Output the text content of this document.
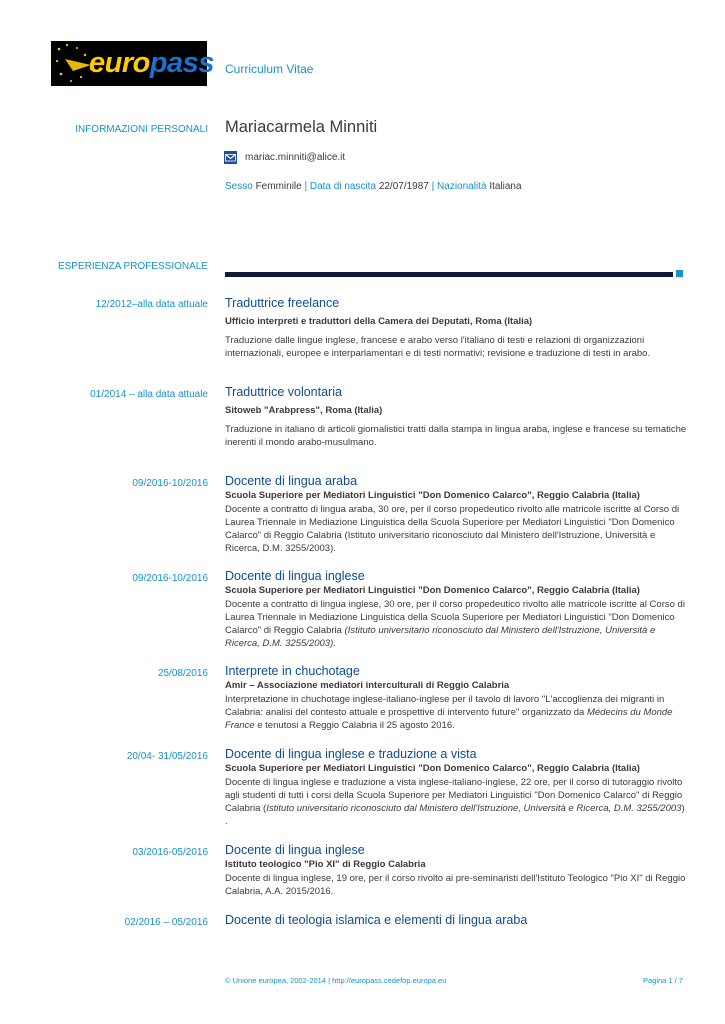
europass Curriculum Vitae
INFORMAZIONI PERSONALI Mariacarmela Minniti
mariac.minniti@alice.it
Sesso Femminile | Data di nascita 22/07/1987 | Nazionalità Italiana
ESPERIENZA PROFESSIONALE
12/2012–alla data attuale Traduttrice freelance
Ufficio interpreti e traduttori della Camera dei Deputati, Roma (Italia)
Traduzione dalle lingue inglese, francese e arabo verso l'italiano di testi e relazioni di organizzazioni internazionali, europee e interparlamentari e di testi normativi; revisione e traduzione di testi in arabo.
01/2014 – alla data attuale Traduttrice volontaria
Sitoweb "Arabpress", Roma (Italia)
Traduzione in italiano di articoli giornalistici tratti dalla stampa in lingua araba, inglese e francese su tematiche inerenti il mondo arabo-musulmano.
09/2016-10/2016 Docente di lingua araba
Scuola Superiore per Mediatori Linguistici "Don Domenico Calarco", Reggio Calabria (Italia)
Docente a contratto di lingua araba, 30 ore, per il corso propedeutico rivolto alle matricole iscritte al Corso di Laurea Triennale in Mediazione Linguistica della Scuola Superiore per Mediatori Linguistici "Don Domenico Calarco" di Reggio Calabria (Istituto universitario riconosciuto dal Ministero dell'Istruzione, Università e Ricerca, D.M. 3255/2003).
09/2016-10/2016 Docente di lingua inglese
Scuola Superiore per Mediatori Linguistici "Don Domenico Calarco", Reggio Calabria (Italia)
Docente a contratto di lingua inglese, 30 ore, per il corso propedeutico rivolto alle matricole iscritte al Corso di Laurea Triennale in Mediazione Linguistica della Scuola Superiore per Mediatori Linguistici "Don Domenico Calarco" di Reggio Calabria (Istituto universitario riconosciuto dal Ministero dell'Istruzione, Università e Ricerca, D.M. 3255/2003).
25/08/2016 Interprete in chuchotage
Amir – Associazione mediatori interculturali di Reggio Calabria
Interpretazione in chuchotage inglese-italiano-inglese per il tavolo di lavoro "L'accoglienza dei migranti in Calabria: analisi del contesto attuale e prospettive di intervento future" organizzato da Médecins du Monde France e tenutosi a Reggio Calabria il 25 agosto 2016.
20/04- 31/05/2016 Docente di lingua inglese e traduzione a vista
Scuola Superiore per Mediatori Linguistici "Don Domenico Calarco", Reggio Calabria (Italia)
Docente di lingua inglese e traduzione a vista inglese-italiano-inglese, 22 ore, per il corso di tutoraggio rivolto agli studenti di tutti i corsi della Scuola Superiore per Mediatori Linguistici "Don Domenico Calarco" di Reggio Calabria (Istituto universitario riconosciuto dal Ministero dell'Istruzione, Università e Ricerca, D.M. 3255/2003) .
03/2016-05/2016 Docente di lingua inglese
Istituto teologico "Pio XI" di Reggio Calabria
Docente di lingua inglese, 19 ore, per il corso rivolto ai pre-seminaristi dell'Istituto Teologico "Pio XI" di Reggio Calabria, A.A. 2015/2016.
02/2016 – 05/2016 Docente di teologia islamica e elementi di lingua araba
© Unione europea, 2002-2014 | http://europass.cedefop.europa.eu	Pagina 1 / 7
